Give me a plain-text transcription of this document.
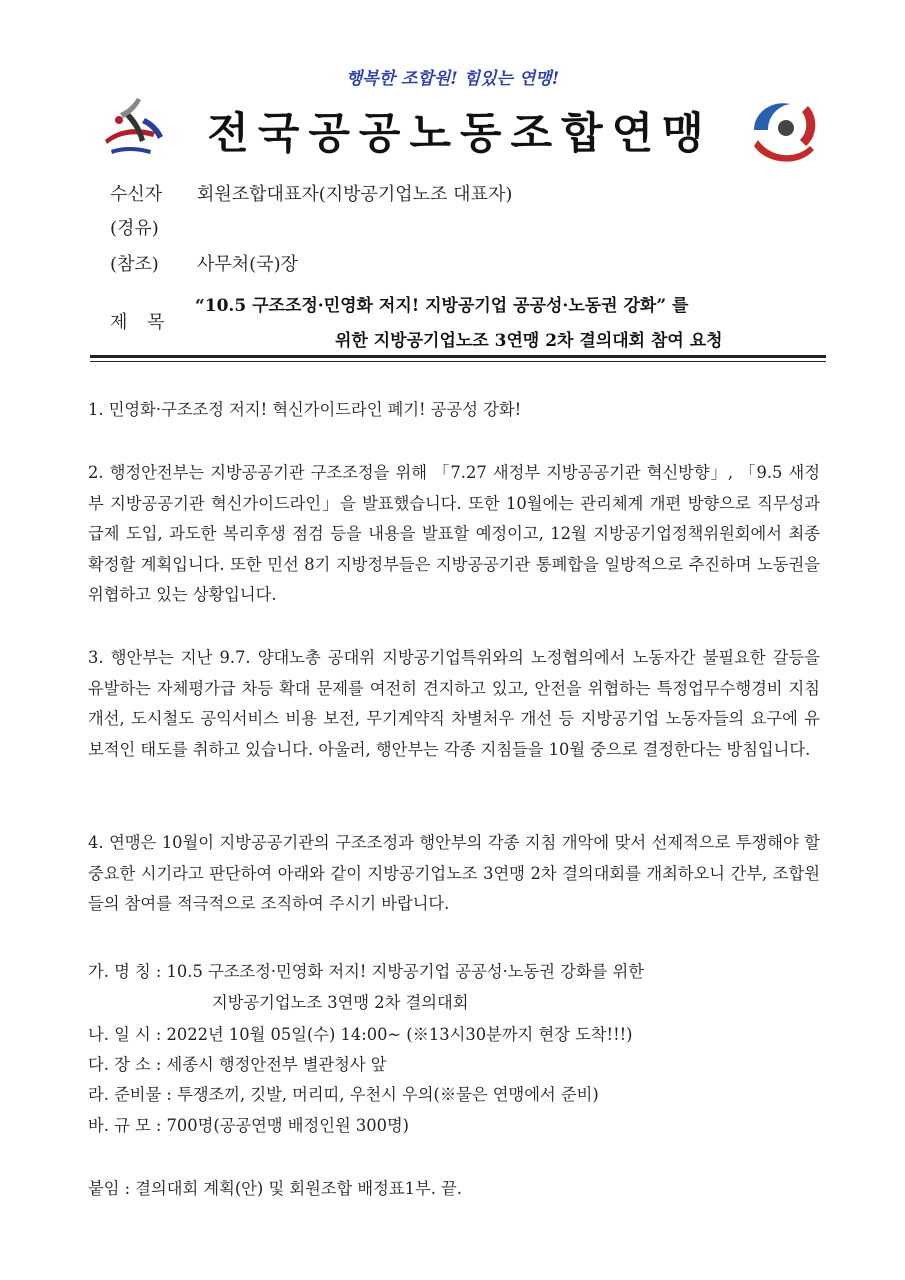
행복한 조합원! 힘있는 연맹!
전국공공노동조합연맹
수신자 회원조합대표자(지방공기업노조 대표자)
(경유)
(참조) 사무처(국)장
제 목
“10.5 구조조정·민영화 저지! 지방공기업 공공성·노동권 강화” 를
위한 지방공기업노조 3연맹 2차 결의대회 참여 요청
1. 민영화·구조조정 저지! 혁신가이드라인 폐기! 공공성 강화!
2. 행정안전부는 지방공공기관 구조조정을 위해 「7.27 새정부 지방공공기관 혁신방향」, 「9.5 새정부 지방공공기관 혁신가이드라인」을 발표했습니다. 또한 10월에는 관리체계 개편 방향으로 직무성과급제 도입, 과도한 복리후생 점검 등을 내용을 발표할 예정이고, 12월 지방공기업정책위원회에서 최종 확정할 계획입니다. 또한 민선 8기 지방정부들은 지방공공기관 통폐합을 일방적으로 추진하며 노동권을 위협하고 있는 상황입니다.
3. 행안부는 지난 9.7. 양대노총 공대위 지방공기업특위와의 노정협의에서 노동자간 불필요한 갈등을 유발하는 자체평가급 차등 확대 문제를 여전히 견지하고 있고, 안전을 위협하는 특정업무수행경비 지침 개선, 도시철도 공익서비스 비용 보전, 무기계약직 차별처우 개선 등 지방공기업 노동자들의 요구에 유보적인 태도를 취하고 있습니다. 아울러, 행안부는 각종 지침들을 10월 중으로 결정한다는 방침입니다.
4. 연맹은 10월이 지방공공기관의 구조조정과 행안부의 각종 지침 개악에 맞서 선제적으로 투쟁해야 할 중요한 시기라고 판단하여 아래와 같이 지방공기업노조 3연맹 2차 결의대회를 개최하오니 간부, 조합원들의 참여를 적극적으로 조직하여 주시기 바랍니다.
가. 명 칭 : 10.5 구조조정·민영화 저지! 지방공기업 공공성·노동권 강화를 위한
지방공기업노조 3연맹 2차 결의대회
나. 일 시 : 2022년 10월 05일(수) 14:00~ (※13시30분까지 현장 도착!!!)
다. 장 소 : 세종시 행정안전부 별관청사 앞
라. 준비물 : 투쟁조끼, 깃발, 머리띠, 우천시 우의(※물은 연맹에서 준비)
바. 규 모 : 700명(공공연맹 배정인원 300명)
붙임 : 결의대회 계획(안) 및 회원조합 배정표1부. 끝.
